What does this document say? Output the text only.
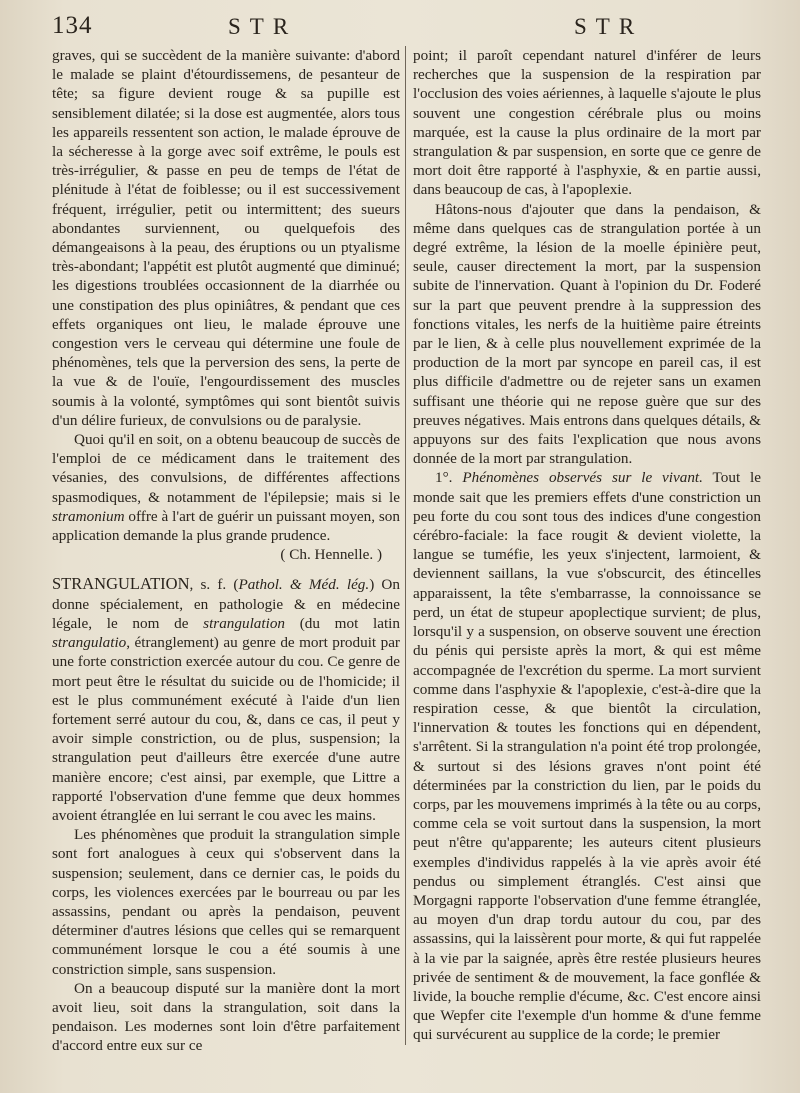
134	STR	STR

graves, qui se succèdent de la manière suivante: d'abord le malade se plaint d'étourdissemens, de pesanteur de tête; sa figure devient rouge & sa pupille est sensiblement dilatée; si la dose est augmentée, alors tous les appareils ressentent son action, le malade éprouve de la sécheresse à la gorge avec soif extrême, le pouls est très-irrégulier, & passe en peu de temps de l'état de plénitude à l'état de foiblesse; ou il est successivement fréquent, irrégulier, petit ou intermittent; des sueurs abondantes surviennent, ou quelquefois des démangeaisons à la peau, des éruptions ou un ptyalisme très-abondant; l'appétit est plutôt augmenté que diminué; les digestions troublées occasionnent de la diarrhée ou une constipation des plus opiniâtres, & pendant que ces effets organiques ont lieu, le malade éprouve une congestion vers le cerveau qui détermine une foule de phénomènes, tels que la perversion des sens, la perte de la vue & de l'ouïe, l'engourdissement des muscles soumis à la volonté, symptômes qui sont bientôt suivis d'un délire furieux, de convulsions ou de paralysie.

Quoi qu'il en soit, on a obtenu beaucoup de succès de l'emploi de ce médicament dans le traitement des vésanies, des convulsions, de différentes affections spasmodiques, & notamment de l'épilepsie; mais si le stramonium offre à l'art de guérir un puissant moyen, son application demande la plus grande prudence.

( Ch. Hennelle. )

STRANGULATION, s. f. (Pathol. & Méd. lég.) On donne spécialement, en pathologie & en médecine légale, le nom de strangulation (du mot latin strangulatio, étranglement) au genre de mort produit par une forte constriction exercée autour du cou. Ce genre de mort peut être le résultat du suicide ou de l'homicide; il est le plus communément exécuté à l'aide d'un lien fortement serré autour du cou, &, dans ce cas, il peut y avoir simple constriction, ou de plus, suspension; la strangulation peut d'ailleurs être exercée d'une autre manière encore; c'est ainsi, par exemple, que Littre a rapporté l'observation d'une femme que deux hommes avoient étranglée en lui serrant le cou avec les mains.

Les phénomènes que produit la strangulation simple sont fort analogues à ceux qui s'observent dans la suspension; seulement, dans ce dernier cas, le poids du corps, les violences exercées par le bourreau ou par les assassins, pendant ou après la pendaison, peuvent déterminer d'autres lésions que celles qui se remarquent communément lorsque le cou a été soumis à une constriction simple, sans suspension.

On a beaucoup disputé sur la manière dont la mort avoit lieu, soit dans la strangulation, soit dans la pendaison. Les modernes sont loin d'être parfaitement d'accord entre eux sur ce

point; il paroît cependant naturel d'inférer de leurs recherches que la suspension de la respiration par l'occlusion des voies aériennes, à laquelle s'ajoute le plus souvent une congestion cérébrale plus ou moins marquée, est la cause la plus ordinaire de la mort par strangulation & par suspension, en sorte que ce genre de mort doit être rapporté à l'asphyxie, & en partie aussi, dans beaucoup de cas, à l'apoplexie.

Hâtons-nous d'ajouter que dans la pendaison, & même dans quelques cas de strangulation portée à un degré extrême, la lésion de la moelle épinière peut, seule, causer directement la mort, par la suspension subite de l'innervation. Quant à l'opinion du Dr. Foderé sur la part que peuvent prendre à la suppression des fonctions vitales, les nerfs de la huitième paire étreints par le lien, & à celle plus nouvellement exprimée de la production de la mort par syncope en pareil cas, il est plus difficile d'admettre ou de rejeter sans un examen suffisant une théorie qui ne repose guère que sur des preuves négatives. Mais entrons dans quelques détails, & appuyons sur des faits l'explication que nous avons donnée de la mort par strangulation.

1°. Phénomènes observés sur le vivant. Tout le monde sait que les premiers effets d'une constriction un peu forte du cou sont tous des indices d'une congestion cérébro-faciale: la face rougit & devient violette, la langue se tuméfie, les yeux s'injectent, larmoient, & deviennent saillans, la vue s'obscurcit, des étincelles apparaissent, la tête s'embarrasse, la connoissance se perd, un état de stupeur apoplectique survient; de plus, lorsqu'il y a suspension, on observe souvent une érection du pénis qui persiste après la mort, & qui est même accompagnée de l'excrétion du sperme. La mort survient comme dans l'asphyxie & l'apoplexie, c'est-à-dire que la respiration cesse, & que bientôt la circulation, l'innervation & toutes les fonctions qui en dépendent, s'arrêtent. Si la strangulation n'a point été trop prolongée, & surtout si des lésions graves n'ont point été déterminées par la constriction du lien, par le poids du corps, par les mouvemens imprimés à la tête ou au corps, comme cela se voit surtout dans la suspension, la mort peut n'être qu'apparente; les auteurs citent plusieurs exemples d'individus rappelés à la vie après avoir été pendus ou simplement étranglés. C'est ainsi que Morgagni rapporte l'observation d'une femme étranglée, au moyen d'un drap tordu autour du cou, par des assassins, qui la laissèrent pour morte, & qui fut rappelée à la vie par la saignée, après être restée plusieurs heures privée de sentiment & de mouvement, la face gonflée & livide, la bouche remplie d'écume, &c. C'est encore ainsi que Wepfer cite l'exemple d'un homme & d'une femme qui survécurent au supplice de la corde; le premier
